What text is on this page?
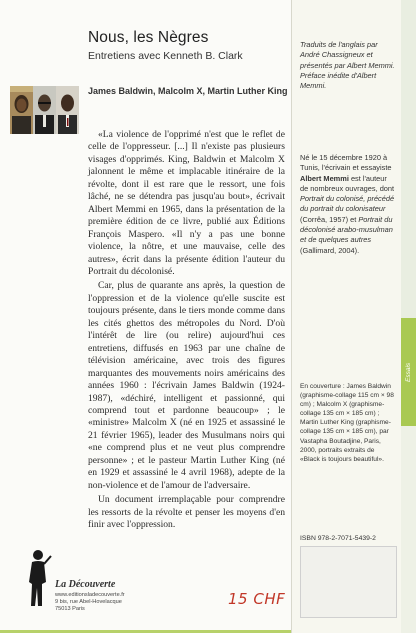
Nous, les Nègres
Entretiens avec Kenneth B. Clark
James Baldwin, Malcolm X, Martin Luther King

«La violence de l'opprimé n'est que le reflet de celle de l'oppresseur. [...] Il n'existe pas plusieurs visages d'opprimés. King, Baldwin et Malcolm X jalonnent le même et implacable itinéraire de la révolte, dont il est rare que le ressort, une fois lâché, ne se détendra pas jusqu'au bout», écrivait Albert Memmi en 1965, dans la présentation de la première édition de ce livre, publié aux Éditions François Maspero. «Il n'y a pas une bonne violence, la nôtre, et une mauvaise, celle des autres», écrit dans la présente édition l'auteur du Portrait du décolonisé.

Car, plus de quarante ans après, la question de l'oppression et de la violence qu'elle suscite est toujours présente, dans le tiers monde comme dans les cités ghettos des métropoles du Nord. D'où l'intérêt de lire (ou relire) aujourd'hui ces entretiens, diffusés en 1963 par une chaîne de télévision américaine, avec trois des figures marquantes des mouvements noirs américains des années 1960 : l'écrivain James Baldwin (1924-1987), «déchiré, intelligent et passionné, qui comprend tout et pardonne beaucoup» ; le «ministre» Malcolm X (né en 1925 et assassiné le 21 février 1965), leader des Musulmans noirs qui «ne comprend plus et ne veut plus comprendre personne» ; et le pasteur Martin Luther King (né en 1929 et assassiné le 4 avril 1968), adepte de la non-violence et de l'amour de l'adversaire.

Un document irremplaçable pour comprendre les ressorts de la révolte et penser les moyens d'en finir avec l'oppression.

Traduits de l'anglais par André Chassigneux et présentés par Albert Memmi. Préface inédite d'Albert Memmi.
Né le 15 décembre 1920 à Tunis, l'écrivain et essayiste Albert Memmi est l'auteur de nombreux ouvrages, dont Portrait du colonisé, précédé du portrait du colonisateur (Corrêa, 1957) et Portrait du décolonisé arabo-musulman et de quelques autres (Gallimard, 2004).
Essais
En couverture : James Baldwin (graphisme-collage 115 cm × 98 cm) ; Malcolm X (graphisme-collage 135 cm × 185 cm) ; Martin Luther King (graphisme-collage 135 cm × 185 cm), par Vastapha Boutadjine, Paris, 2000, portraits extraits de «Black is toujours beautiful».
ISBN 978-2-7071-5439-2
La Découverte
www.editionsladecouverte.fr
9 bis, rue Abel-Hovelacque
75013 Paris
15 CHF
